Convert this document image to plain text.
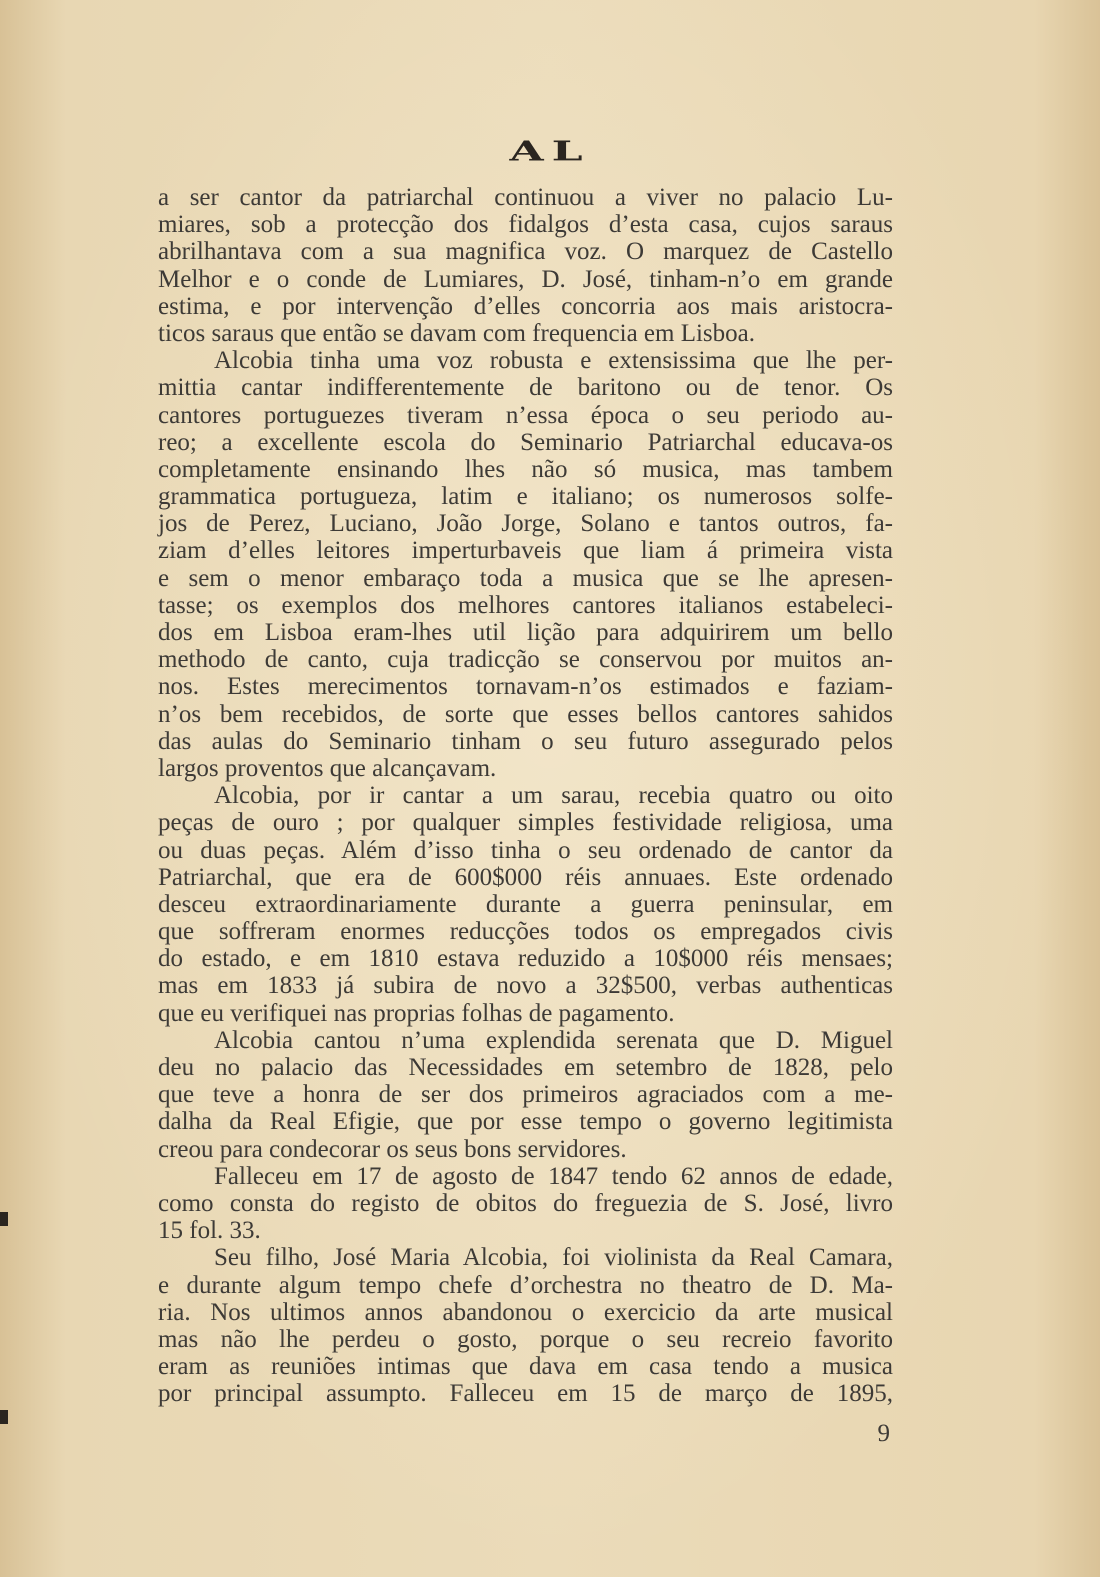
AL
a ser cantor da patriarchal continuou a viver no palacio Lu-
miares, sob a protecção dos fidalgos d’esta casa, cujos saraus
abrilhantava com a sua magnifica voz. O marquez de Castello
Melhor e o conde de Lumiares, D. José, tinham-n’o em grande
estima, e por intervenção d’elles concorria aos mais aristocra-
ticos saraus que então se davam com frequencia em Lisboa.
Alcobia tinha uma voz robusta e extensissima que lhe per-
mittia cantar indifferentemente de baritono ou de tenor. Os
cantores portuguezes tiveram n’essa época o seu periodo au-
reo; a excellente escola do Seminario Patriarchal educava-os
completamente ensinando lhes não só musica, mas tambem
grammatica portugueza, latim e italiano; os numerosos solfe-
jos de Perez, Luciano, João Jorge, Solano e tantos outros, fa-
ziam d’elles leitores imperturbaveis que liam á primeira vista
e sem o menor embaraço toda a musica que se lhe apresen-
tasse; os exemplos dos melhores cantores italianos estabeleci-
dos em Lisboa eram-lhes util lição para adquirirem um bello
methodo de canto, cuja tradicção se conservou por muitos an-
nos. Estes merecimentos tornavam-n’os estimados e faziam-
n’os bem recebidos, de sorte que esses bellos cantores sahidos
das aulas do Seminario tinham o seu futuro assegurado pelos
largos proventos que alcançavam.
Alcobia, por ir cantar a um sarau, recebia quatro ou oito
peças de ouro ; por qualquer simples festividade religiosa, uma
ou duas peças. Além d’isso tinha o seu ordenado de cantor da
Patriarchal, que era de 600$000 réis annuaes. Este ordenado
desceu extraordinariamente durante a guerra peninsular, em
que soffreram enormes reducções todos os empregados civis
do estado, e em 1810 estava reduzido a 10$000 réis mensaes;
mas em 1833 já subira de novo a 32$500, verbas authenticas
que eu verifiquei nas proprias folhas de pagamento.
Alcobia cantou n’uma explendida serenata que D. Miguel
deu no palacio das Necessidades em setembro de 1828, pelo
que teve a honra de ser dos primeiros agraciados com a me-
dalha da Real Efigie, que por esse tempo o governo legitimista
creou para condecorar os seus bons servidores.
Falleceu em 17 de agosto de 1847 tendo 62 annos de edade,
como consta do registo de obitos do freguezia de S. José, livro
15 fol. 33.
Seu filho, José Maria Alcobia, foi violinista da Real Camara,
e durante algum tempo chefe d’orchestra no theatro de D. Ma-
ria. Nos ultimos annos abandonou o exercicio da arte musical
mas não lhe perdeu o gosto, porque o seu recreio favorito
eram as reuniões intimas que dava em casa tendo a musica
por principal assumpto. Falleceu em 15 de março de 1895,
9
